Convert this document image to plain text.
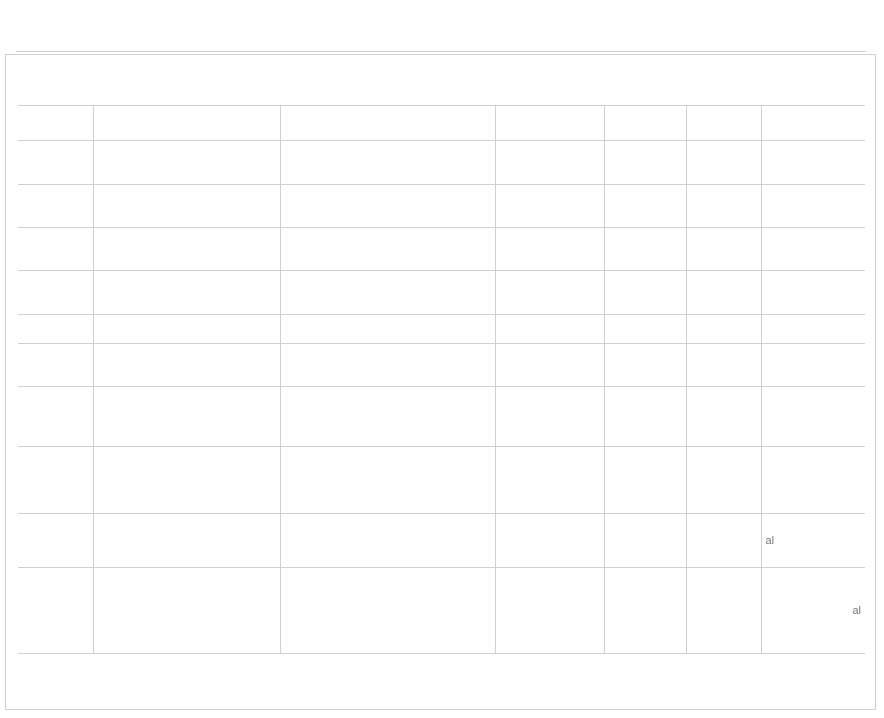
						al
						al
